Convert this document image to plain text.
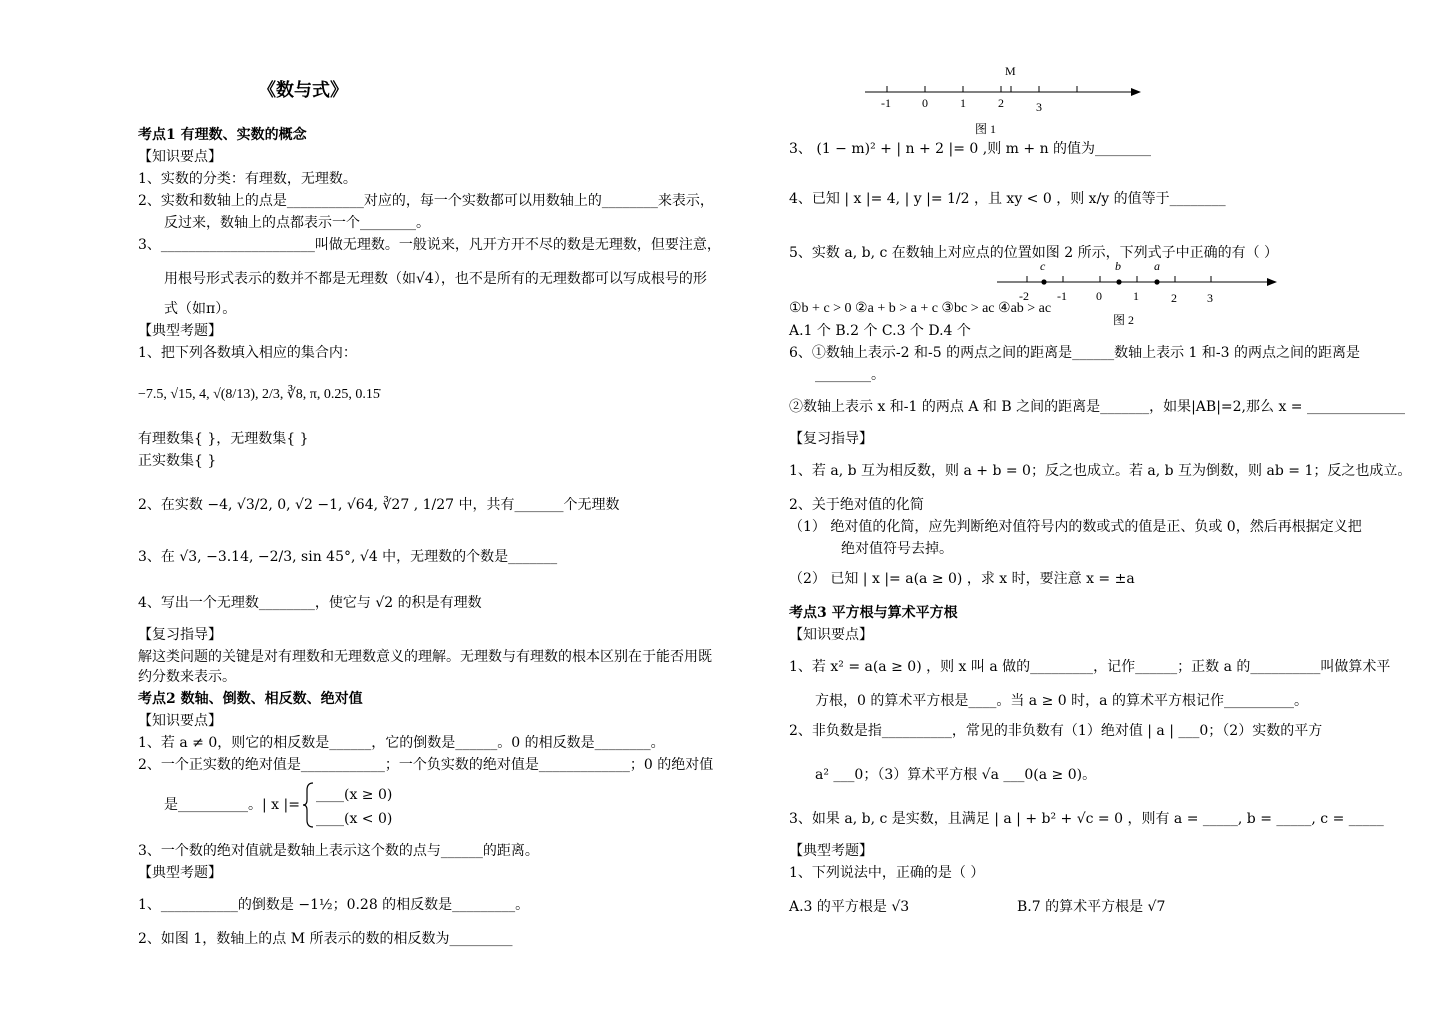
《数与式》
考点1 有理数、实数的概念
【知识要点】
1、实数的分类：有理数，无理数。
2、实数和数轴上的点是___________对应的，每一个实数都可以用数轴上的________来表示，
反过来，数轴上的点都表示一个________。
3、______________________叫做无理数。一般说来，凡开方开不尽的数是无理数，但要注意，
用根号形式表示的数并不都是无理数（如√4），也不是所有的无理数都可以写成根号的形
式（如π）。
【典型考题】
1、把下列各数填入相应的集合内：
−7.5, √15, 4, √(8/13), 2/3, ∛8, π, 0.25, 0.15̇
有理数集{ }，无理数集{ }
正实数集{ }
2、在实数 −4, √3/2, 0, √2 −1, √64, ∛27 , 1/27 中，共有_______个无理数
3、在 √3, −3.14, −2/3, sin 45°, √4 中，无理数的个数是_______
4、写出一个无理数________，使它与 √2 的积是有理数
【复习指导】
解这类问题的关键是对有理数和无理数意义的理解。无理数与有理数的根本区别在于能否用既
约分数来表示。
考点2 数轴、倒数、相反数、绝对值
【知识要点】
1、若 a ≠ 0，则它的相反数是______，它的倒数是______。0 的相反数是________。
2、一个正实数的绝对值是____________；一个负实数的绝对值是_____________；0 的绝对值
是__________。| x |=
____(x ≥ 0)
____(x < 0)
3、一个数的绝对值就是数轴上表示这个数的点与______的距离。
【典型考题】
1、___________的倒数是 −1½；0.28 的相反数是_________。
2、如图 1，数轴上的点 M 所表示的数的相反数为_________
M
-1	0	1	2	3
图 1
3、 (1 − m)² + | n + 2 |= 0 ,则 m + n 的值为________
4、已知 | x |= 4, | y |= 1/2 ，且 xy < 0 ，则 x/y 的值等于________
5、实数 a, b, c 在数轴上对应点的位置如图 2 所示，下列式子中正确的有（ ）
c	b	a
-2 -1 0	1	2	3
图 2
①b + c > 0 ②a + b > a + c ③bc > ac ④ab > ac
A.1 个 B.2 个 C.3 个 D.4 个
6、①数轴上表示-2 和-5 的两点之间的距离是______数轴上表示 1 和-3 的两点之间的距离是
________。
②数轴上表示 x 和-1 的两点 A 和 B 之间的距离是_______，如果|AB|=2,那么 x = ______________
【复习指导】
1、若 a, b 互为相反数，则 a + b = 0；反之也成立。若 a, b 互为倒数，则 ab = 1；反之也成立。
2、关于绝对值的化简
（1） 绝对值的化简，应先判断绝对值符号内的数或式的值是正、负或 0，然后再根据定义把
绝对值符号去掉。
（2） 已知 | x |= a(a ≥ 0) ，求 x 时，要注意 x = ±a
考点3 平方根与算术平方根
【知识要点】
1、若 x² = a(a ≥ 0) ，则 x 叫 a 做的_________，记作______；正数 a 的__________叫做算术平
方根，0 的算术平方根是____。当 a ≥ 0 时，a 的算术平方根记作__________。
2、非负数是指__________，常见的非负数有（1）绝对值 | a | ___0；（2）实数的平方
a² ___0；（3）算术平方根 √a ___0(a ≥ 0)。
3、如果 a, b, c 是实数，且满足 | a | + b² + √c = 0 ，则有 a = _____, b = _____, c = _____
【典型考题】
1、下列说法中，正确的是（ ）
A.3 的平方根是 √3	B.7 的算术平方根是 √7
